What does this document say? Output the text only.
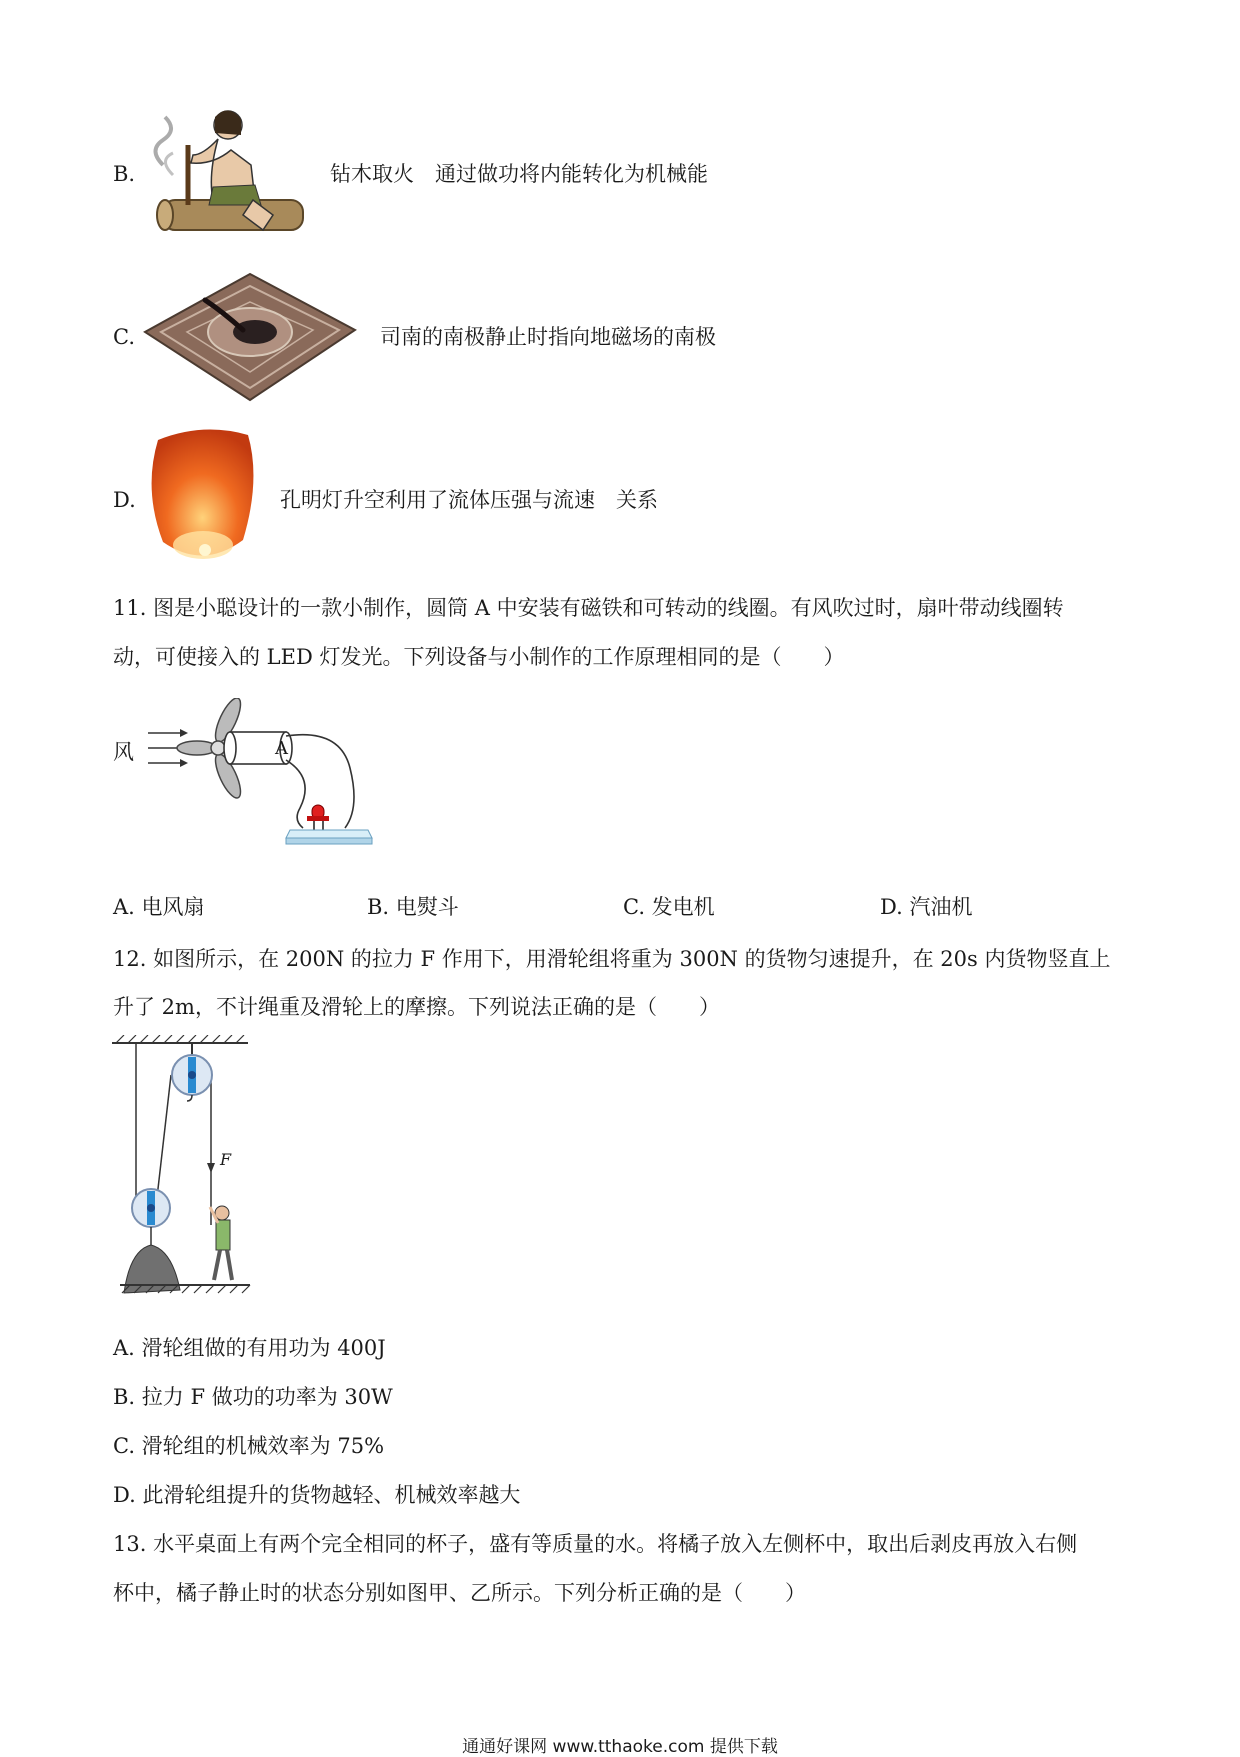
B.	钻木取火　通过做功将内能转化为机械能
C.	司南的南极静止时指向地磁场的南极
D.	孔明灯升空利用了流体压强与流速　关系
11. 图是小聪设计的一款小制作，圆筒 A 中安装有磁铁和可转动的线圈。有风吹过时，扇叶带动线圈转
动，可使接入的 LED 灯发光。下列设备与小制作的工作原理相同的是（　　）
风	A
A. 电风扇	B. 电熨斗	C. 发电机	D. 汽油机
12. 如图所示，在 200N 的拉力 F 作用下，用滑轮组将重为 300N 的货物匀速提升，在 20s 内货物竖直上
升了 2m，不计绳重及滑轮上的摩擦。下列说法正确的是（　　）
F
A. 滑轮组做的有用功为 400J
B. 拉力 F 做功的功率为 30W
C. 滑轮组的机械效率为 75%
D. 此滑轮组提升的货物越轻、机械效率越大
13. 水平桌面上有两个完全相同的杯子，盛有等质量的水。将橘子放入左侧杯中，取出后剥皮再放入右侧
杯中，橘子静止时的状态分别如图甲、乙所示。下列分析正确的是（　　）
通通好课网 www.tthaoke.com 提供下载
